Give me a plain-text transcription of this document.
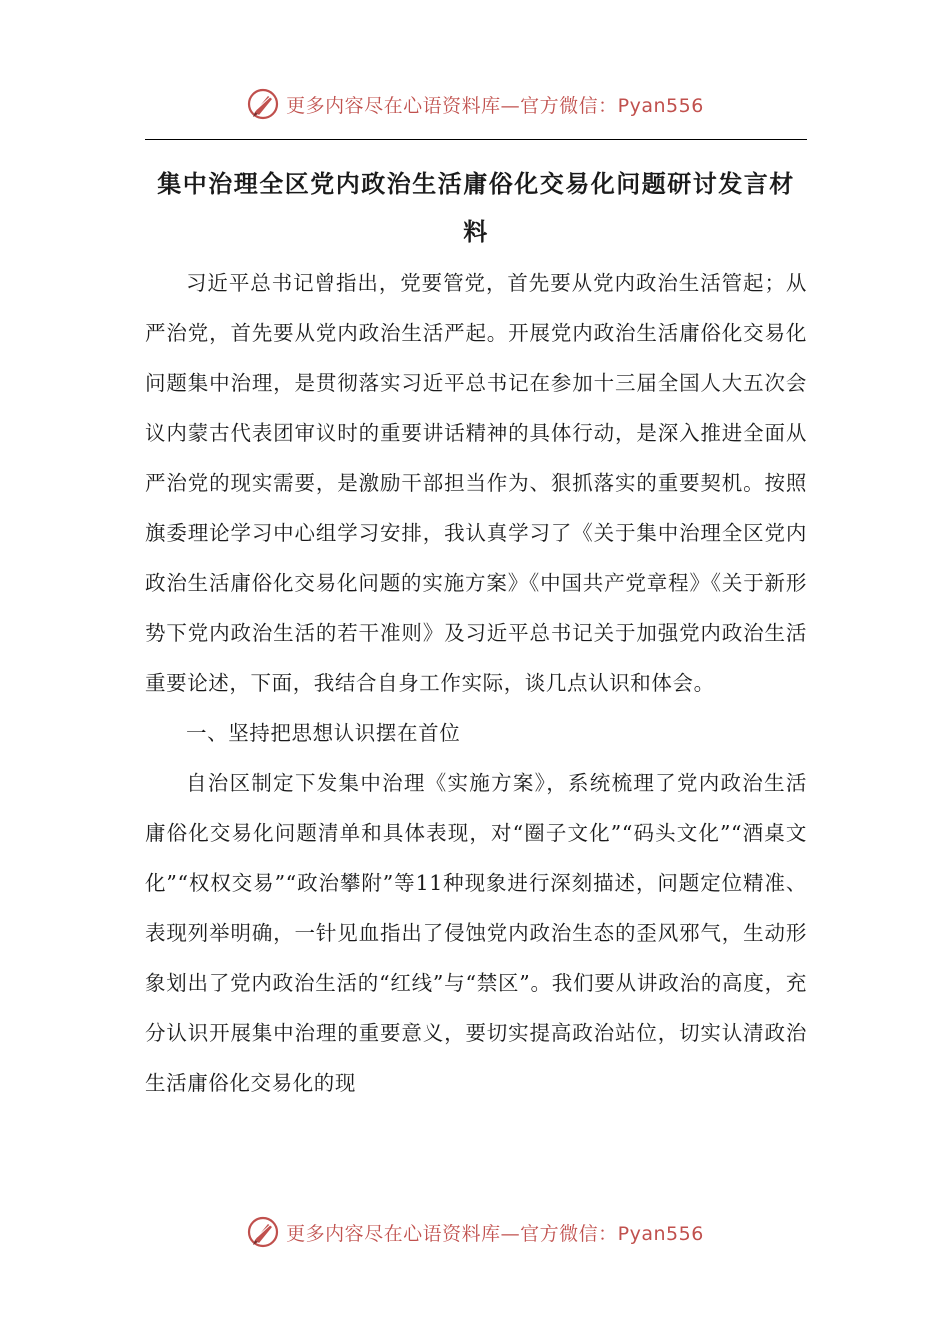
更多内容尽在心语资料库—官方微信：Pyan556
集中治理全区党内政治生活庸俗化交易化问题研讨发言材料

习近平总书记曾指出，党要管党，首先要从党内政治生活管起；从严治党，首先要从党内政治生活严起。开展党内政治生活庸俗化交易化问题集中治理，是贯彻落实习近平总书记在参加十三届全国人大五次会议内蒙古代表团审议时的重要讲话精神的具体行动，是深入推进全面从严治党的现实需要，是激励干部担当作为、狠抓落实的重要契机。按照旗委理论学习中心组学习安排，我认真学习了《关于集中治理全区党内政治生活庸俗化交易化问题的实施方案》《中国共产党章程》《关于新形势下党内政治生活的若干准则》及习近平总书记关于加强党内政治生活重要论述，下面，我结合自身工作实际，谈几点认识和体会。

一、坚持把思想认识摆在首位

自治区制定下发集中治理《实施方案》，系统梳理了党内政治生活庸俗化交易化问题清单和具体表现，对“圈子文化”“码头文化”“酒桌文化”“权权交易”“政治攀附”等11种现象进行深刻描述，问题定位精准、表现列举明确，一针见血指出了侵蚀党内政治生态的歪风邪气，生动形象划出了党内政治生活的“红线”与“禁区”。我们要从讲政治的高度，充分认识开展集中治理的重要意义，要切实提高政治站位，切实认清政治生活庸俗化交易化的现

更多内容尽在心语资料库—官方微信：Pyan556
